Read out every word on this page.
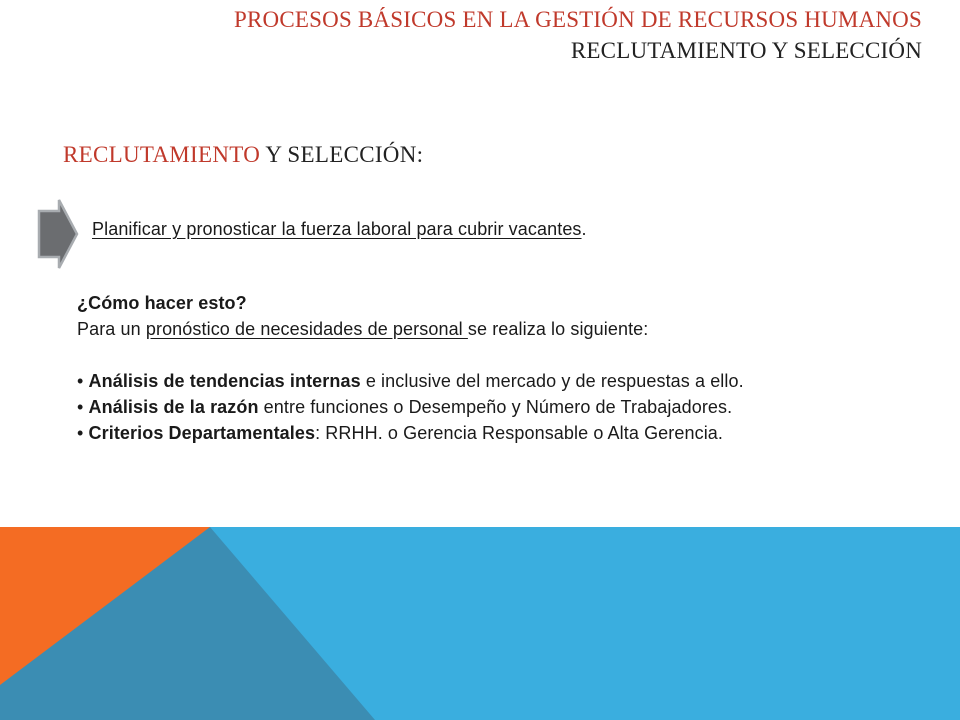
PROCESOS BÁSICOS EN LA GESTIÓN DE RECURSOS HUMANOS
RECLUTAMIENTO Y SELECCIÓN
RECLUTAMIENTO Y SELECCIÓN:
Planificar y pronosticar la fuerza laboral para cubrir vacantes.
¿Cómo hacer esto?
Para un pronóstico de necesidades de personal se realiza lo siguiente:
• Análisis de tendencias internas e inclusive del mercado y de respuestas a ello.
• Análisis de la razón entre funciones o Desempeño y Número de Trabajadores.
• Criterios Departamentales: RRHH. o Gerencia Responsable o Alta Gerencia.
